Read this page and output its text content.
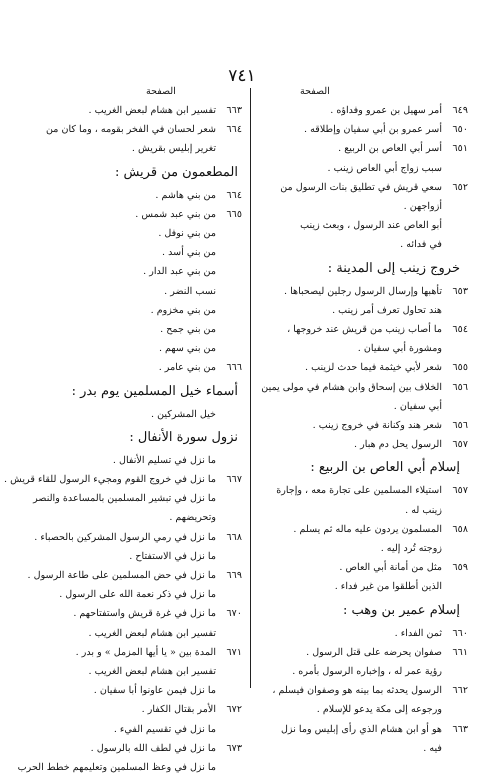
٧٤١
الصفحة
٦٤٩
أمر سهيل بن عمرو وفداؤه .
٦٥٠
أسر عمرو بن أبي سفيان وإطلاقه .
٦٥١
أسر أبي العاص بن الربيع .
سبب زواج أبي العاص زينب .
٦٥٢
سعي قريش في تطليق بنات الرسول من
أزواجهن .
أبو العاص عند الرسول ، وبعث زينب
في فدائه .
خروج زينب إلى المدينة :
٦٥٣
تأهبها وإرسال الرسول رجلين ليصحباها .
هند تحاول تعرف أمر زينب .
٦٥٤
ما أصاب زينب من قريش عند خروجها ،
ومشورة أبي سفيان .
٦٥٥
شعر لأبي خيثمة فيما حدث لزينب .
٦٥٦
الخلاف بين إسحاق وابن هشام في مولى يمين
أبي سفيان .
٦٥٦
شعر هند وكنانة في خروج زينب .
٦٥٧
الرسول يحل دم هبار .
إسلام أبي العاص بن الربيع :
٦٥٧
استيلاء المسلمين على تجارة معه ، وإجارة
زينب له .
٦٥٨
المسلمون يردون عليه ماله ثم يسلم .
زوجته تُرد إليه .
٦٥٩
مثل من أمانة أبي العاص .
الذين أطلقوا من غير فداء .
إسلام عمير بن وهب :
٦٦٠
ثمن الفداء .
٦٦١
صفوان يحرضه على قتل الرسول .
رؤية عمر له ، وإخباره الرسول بأمره .
٦٦٢
الرسول يحدثه بما بينه هو وصفوان فيسلم ،
ورجوعه إلى مكة يدعو للإسلام .
٦٦٣
هو أو ابن هشام الذي رأى إبليس وما نزل
فيه .
الصفحة
٦٦٣
تفسير ابن هشام لبعض الغريب .
٦٦٤
شعر لحسان في الفخر بقومه ، وما كان من
تغرير إبليس بقريش .
المطعمون من قريش :
٦٦٤
من بني هاشم .
٦٦٥
من بني عبد شمس .
من بني نوفل .
من بني أسد .
من بني عبد الدار .
نسب النضر .
من بني مخزوم .
من بني جمح .
من بني سهم .
٦٦٦
من بني عامر .
أسماء خيل المسلمين يوم بدر :
خيل المشركين .
نزول سورة الأنفال :
ما نزل في تسليم الأنفال .
٦٦٧
ما نزل في خروج القوم ومجيء الرسول للقاء قريش .
ما نزل في تبشير المسلمين بالمساعدة والنصر
وتحريضهم .
٦٦٨
ما نزل في رمي الرسول المشركين بالحصباء .
ما نزل في الاستفتاح .
٦٦٩
ما نزل في حض المسلمين على طاعة الرسول .
ما نزل في ذكر نعمة الله على الرسول .
٦٧٠
ما نزل في غرة قريش واستفتاحهم .
تفسير ابن هشام لبعض الغريب .
٦٧١
المدة بين « يا أيها المزمل » و بدر .
تفسير ابن هشام لبعض الغريب .
ما نزل فيمن عاونوا أبا سفيان .
٦٧٢
الأمر بقتال الكفار .
ما نزل في تقسيم الفيء .
٦٧٣
ما نزل في لطف الله بالرسول .
ما نزل في وعظ المسلمين وتعليمهم خطط الحرب
